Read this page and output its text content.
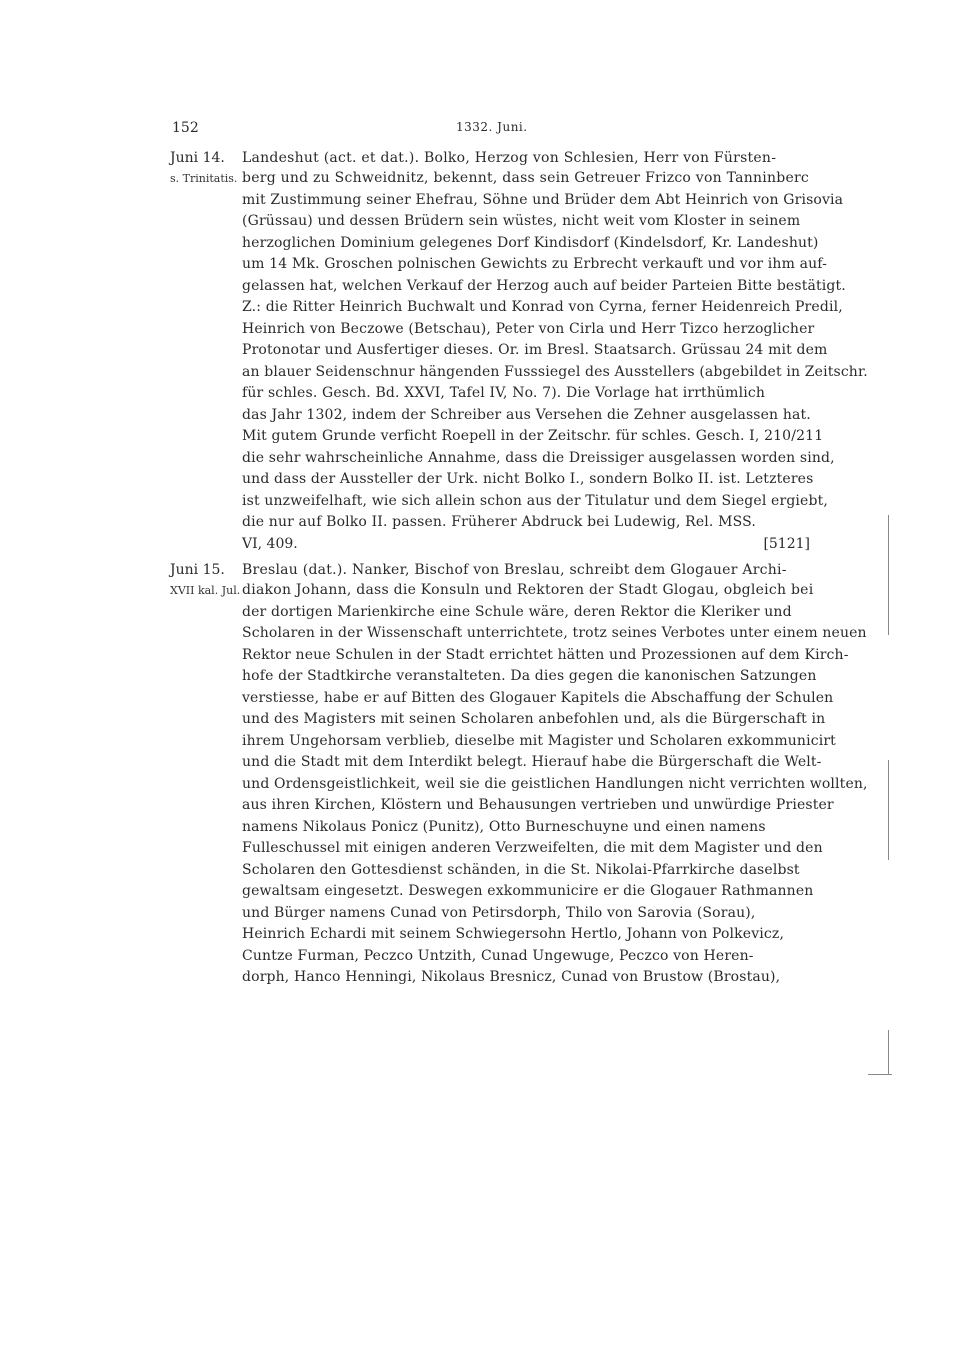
152	1332. Juni.
Juni 14.	Landeshut (act. et dat.). Bolko, Herzog von Schlesien, Herr von Fürsten-
s. Trinitatis. berg und zu Schweidnitz, bekennt, dass sein Getreuer Frizco von Tanninberc
mit Zustimmung seiner Ehefrau, Söhne und Brüder dem Abt Heinrich von Grisovia
(Grüssau) und dessen Brüdern sein wüstes, nicht weit vom Kloster in seinem
herzoglichen Dominium gelegenes Dorf Kindisdorf (Kindelsdorf, Kr. Landeshut)
um 14 Mk. Groschen polnischen Gewichts zu Erbrecht verkauft und vor ihm auf-
gelassen hat, welchen Verkauf der Herzog auch auf beider Parteien Bitte bestätigt.
Z.: die Ritter Heinrich Buchwalt und Konrad von Cyrna, ferner Heidenreich Predil,
Heinrich von Beczowe (Betschau), Peter von Cirla und Herr Tizco herzoglicher
Protonotar und Ausfertiger dieses. Or. im Bresl. Staatsarch. Grüssau 24 mit dem
an blauer Seidenschnur hängenden Fusssiegel des Ausstellers (abgebildet in Zeitschr.
für schles. Gesch. Bd. XXVI, Tafel IV, No. 7). Die Vorlage hat irrthümlich
das Jahr 1302, indem der Schreiber aus Versehen die Zehner ausgelassen hat.
Mit gutem Grunde verficht Roepell in der Zeitschr. für schles. Gesch. I, 210/211
die sehr wahrscheinliche Annahme, dass die Dreissiger ausgelassen worden sind,
und dass der Aussteller der Urk. nicht Bolko I., sondern Bolko II. ist. Letzteres
ist unzweifelhaft, wie sich allein schon aus der Titulatur und dem Siegel ergiebt,
die nur auf Bolko II. passen. Früherer Abdruck bei Ludewig, Rel. MSS.
VI, 409.	[5121]
Juni 15.	Breslau (dat.). Nanker, Bischof von Breslau, schreibt dem Glogauer Archi-
XVII kal. Jul. diakon Johann, dass die Konsuln und Rektoren der Stadt Glogau, obgleich bei
der dortigen Marienkirche eine Schule wäre, deren Rektor die Kleriker und
Scholaren in der Wissenschaft unterrichtete, trotz seines Verbotes unter einem neuen
Rektor neue Schulen in der Stadt errichtet hätten und Prozessionen auf dem Kirch-
hofe der Stadtkirche veranstalteten. Da dies gegen die kanonischen Satzungen
verstiesse, habe er auf Bitten des Glogauer Kapitels die Abschaffung der Schulen
und des Magisters mit seinen Scholaren anbefohlen und, als die Bürgerschaft in
ihrem Ungehorsam verblieb, dieselbe mit Magister und Scholaren exkommunicirt
und die Stadt mit dem Interdikt belegt. Hierauf habe die Bürgerschaft die Welt-
und Ordensgeistlichkeit, weil sie die geistlichen Handlungen nicht verrichten wollten,
aus ihren Kirchen, Klöstern und Behausungen vertrieben und unwürdige Priester
namens Nikolaus Ponicz (Punitz), Otto Burneschuyne und einen namens
Fulleschussel mit einigen anderen Verzweifelten, die mit dem Magister und den
Scholaren den Gottesdienst schänden, in die St. Nikolai-Pfarrkirche daselbst
gewaltsam eingesetzt. Deswegen exkommunicire er die Glogauer Rathmannen
und Bürger namens Cunad von Petirsdorph, Thilo von Sarovia (Sorau),
Heinrich Echardi mit seinem Schwiegersohn Hertlo, Johann von Polkevicz,
Cuntze Furman, Peczco Untzith, Cunad Ungewuge, Peczco von Heren-
dorph, Hanco Henningi, Nikolaus Bresnicz, Cunad von Brustow (Brostau),
